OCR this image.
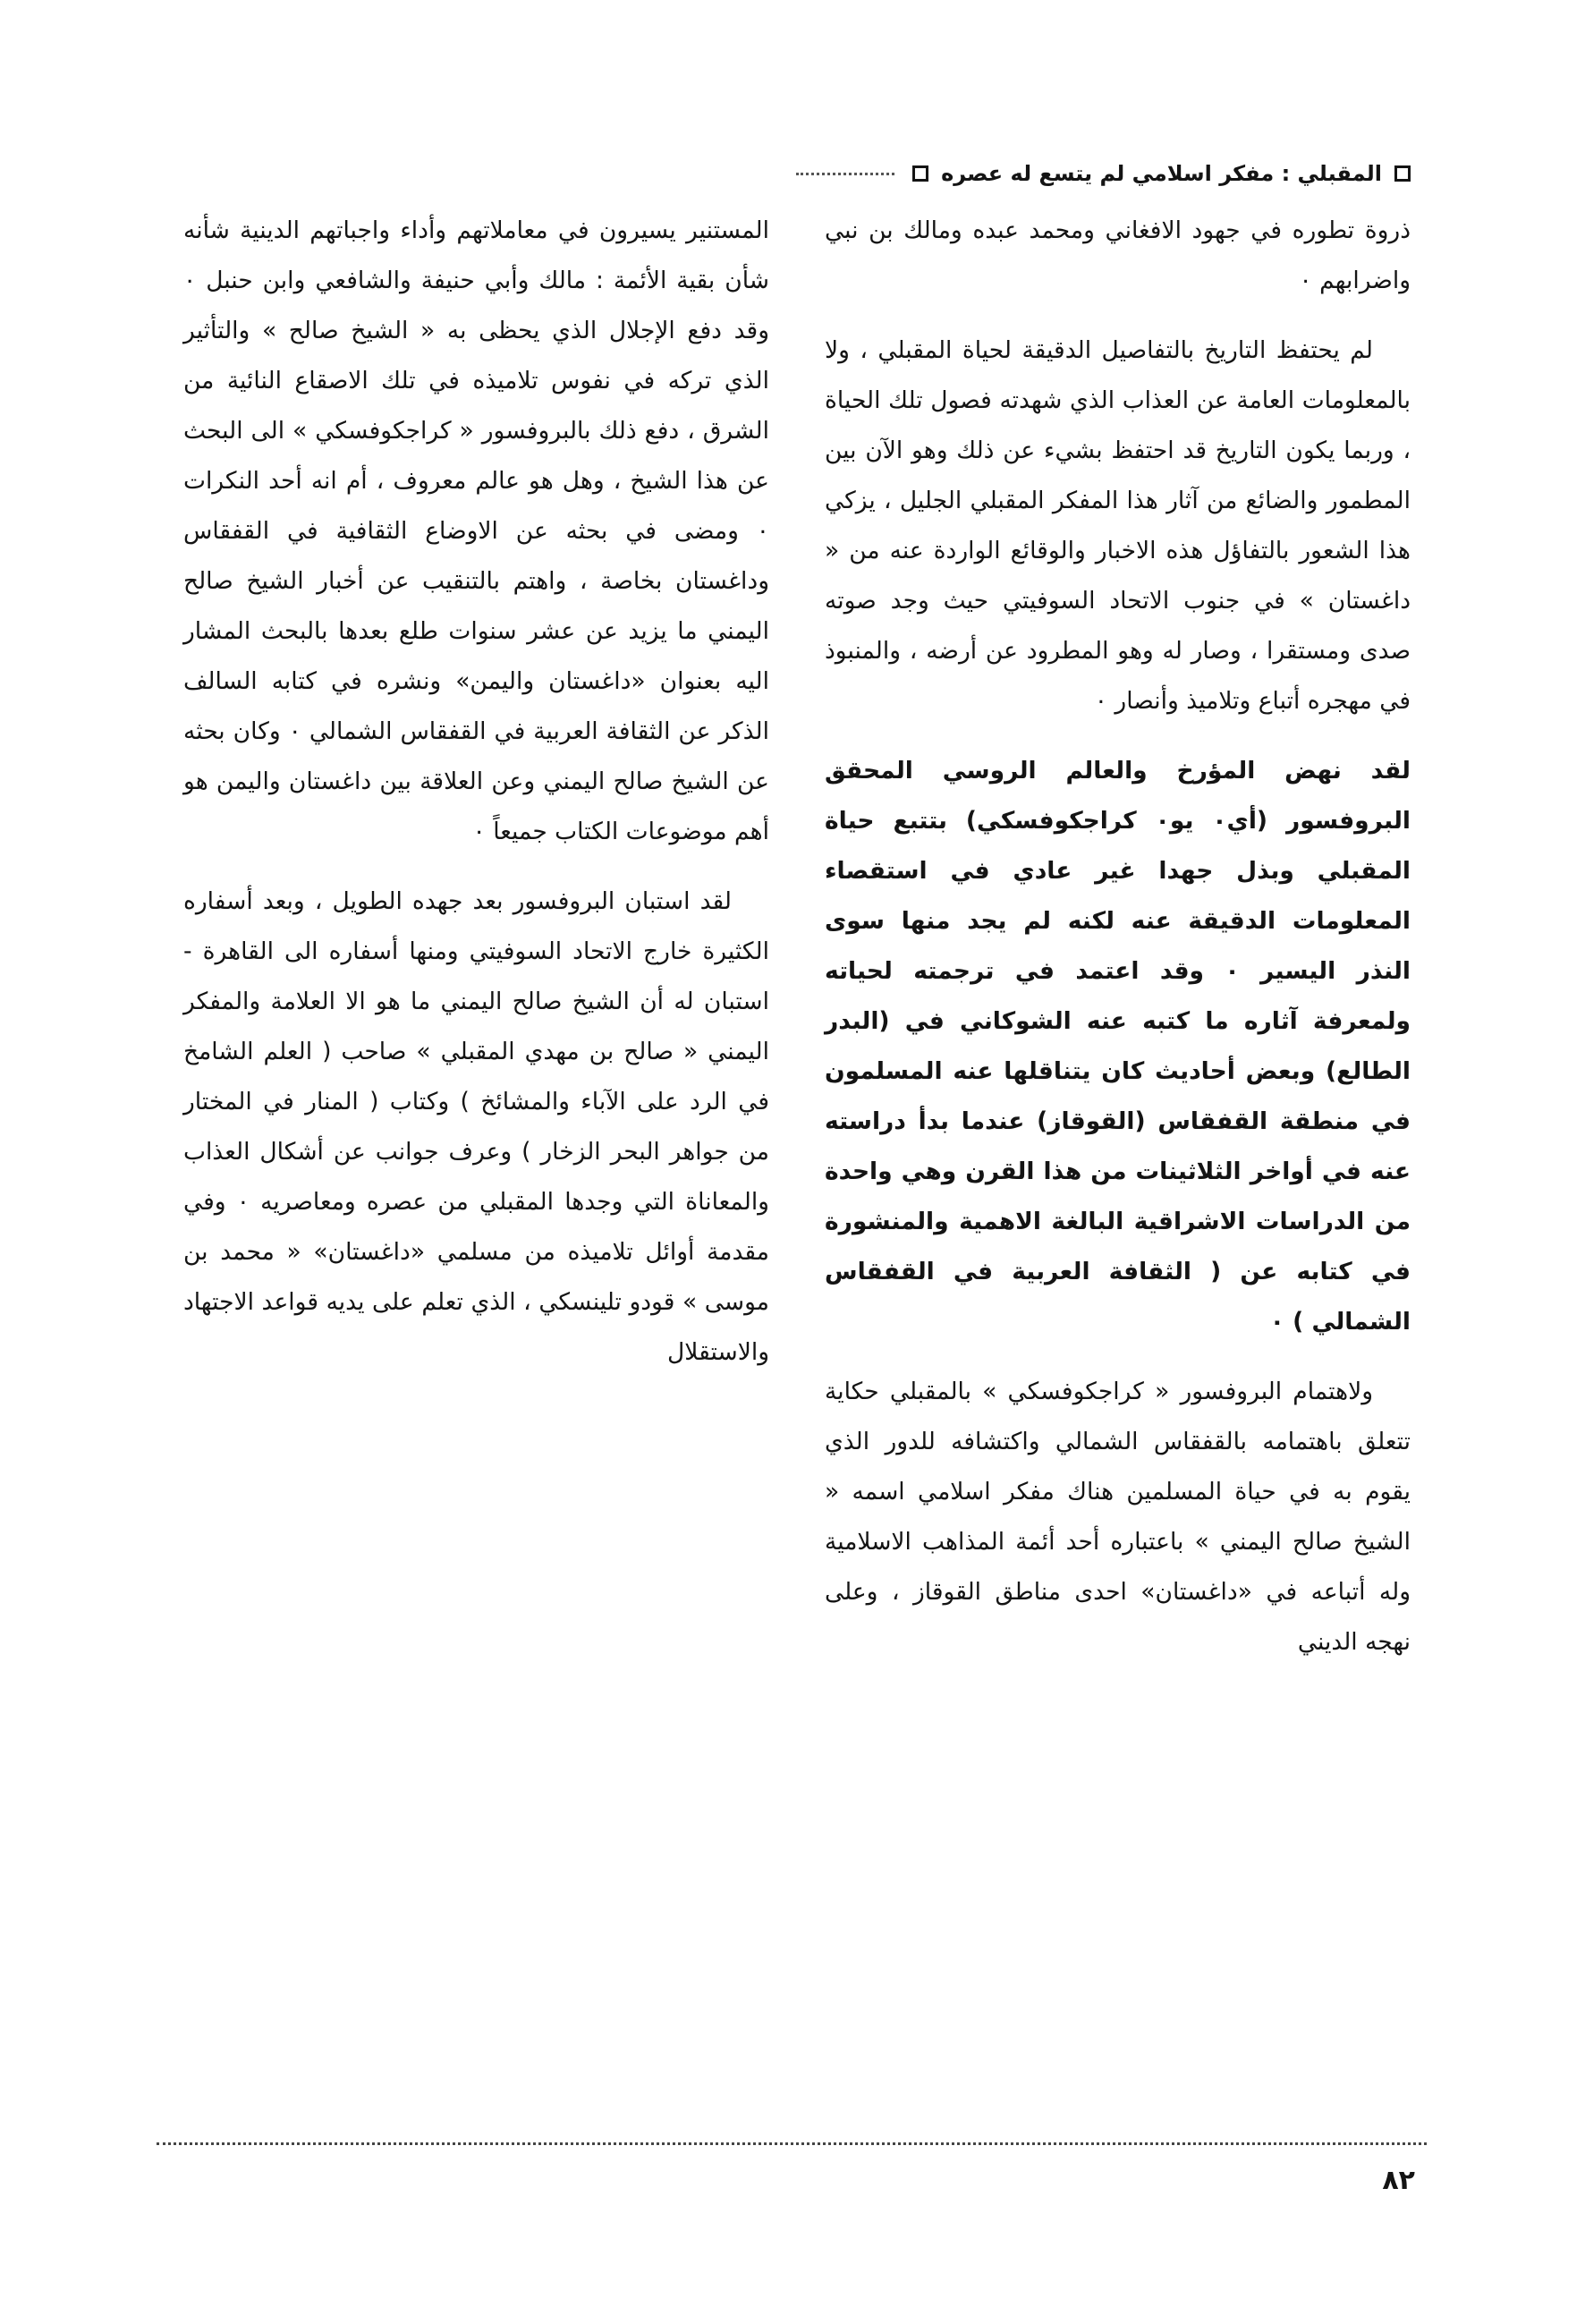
المقبلي : مفكر اسلامي لم يتسع له عصره

ذروة تطوره في جهود الافغاني ومحمد عبده ومالك بن نبي واضرابهم ٠

لم يحتفظ التاريخ بالتفاصيل الدقيقة لحياة المقبلي ، ولا بالمعلومات العامة عن العذاب الذي شهدته فصول تلك الحياة ، وربما يكون التاريخ قد احتفظ بشيء عن ذلك وهو الآن بين المطمور والضائع من آثار هذا المفكر المقبلي الجليل ، يزكي هذا الشعور بالتفاؤل هذه الاخبار والوقائع الواردة عنه من « داغستان » في جنوب الاتحاد السوفيتي حيث وجد صوته صدى ومستقرا ، وصار له وهو المطرود عن أرضه ، والمنبوذ في مهجره أتباع وتلاميذ وأنصار ٠

لقد نهض المؤرخ والعالم الروسي المحقق البروفسور (أي٠ يو٠ كراجكوفسكي) بتتبع حياة المقبلي وبذل جهدا غير عادي في استقصاء المعلومات الدقيقة عنه لكنه لم يجد منها سوى النذر اليسير ٠ وقد اعتمد في ترجمته لحياته ولمعرفة آثاره ما كتبه عنه الشوكاني في (البدر الطالع) وبعض أحاديث كان يتناقلها عنه المسلمون في منطقة القفقاس (القوقاز) عندما بدأ دراسته عنه في أواخر الثلاثينات من هذا القرن وهي واحدة من الدراسات الاشراقية البالغة الاهمية والمنشورة في كتابه عن ( الثقافة العربية في القفقاس الشمالي ) ٠

ولاهتمام البروفسور « كراجكوفسكي » بالمقبلي حكاية تتعلق باهتمامه بالقفقاس الشمالي واكتشافه للدور الذي يقوم به في حياة المسلمين هناك مفكر اسلامي اسمه « الشيخ صالح اليمني » باعتباره أحد أئمة المذاهب الاسلامية وله أتباعه في «داغستان» احدى مناطق القوقاز ، وعلى نهجه الديني

المستنير يسيرون في معاملاتهم وأداء واجباتهم الدينية شأنه شأن بقية الأئمة : مالك وأبي حنيفة والشافعي وابن حنبل ٠ وقد دفع الإجلال الذي يحظى به « الشيخ صالح » والتأثير الذي تركه في نفوس تلاميذه في تلك الاصقاع النائية من الشرق ، دفع ذلك بالبروفسور « كراجكوفسكي » الى البحث عن هذا الشيخ ، وهل هو عالم معروف ، أم انه أحد النكرات ٠ ومضى في بحثه عن الاوضاع الثقافية في القفقاس وداغستان بخاصة ، واهتم بالتنقيب عن أخبار الشيخ صالح اليمني ما يزيد عن عشر سنوات طلع بعدها بالبحث المشار اليه بعنوان «داغستان واليمن» ونشره في كتابه السالف الذكر عن الثقافة العربية في القفقاس الشمالي ٠ وكان بحثه عن الشيخ صالح اليمني وعن العلاقة بين داغستان واليمن هو أهم موضوعات الكتاب جميعاً ٠

لقد استبان البروفسور بعد جهده الطويل ، وبعد أسفاره الكثيرة خارج الاتحاد السوفيتي ومنها أسفاره الى القاهرة - استبان له أن الشيخ صالح اليمني ما هو الا العلامة والمفكر اليمني « صالح بن مهدي المقبلي » صاحب ( العلم الشامخ في الرد على الآباء والمشائخ ) وكتاب ( المنار في المختار من جواهر البحر الزخار ) وعرف جوانب عن أشكال العذاب والمعاناة التي وجدها المقبلي من عصره ومعاصريه ٠ وفي مقدمة أوائل تلاميذه من مسلمي «داغستان» « محمد بن موسى » قودو تلينسكي ، الذي تعلم على يديه قواعد الاجتهاد والاستقلال

٨٢
